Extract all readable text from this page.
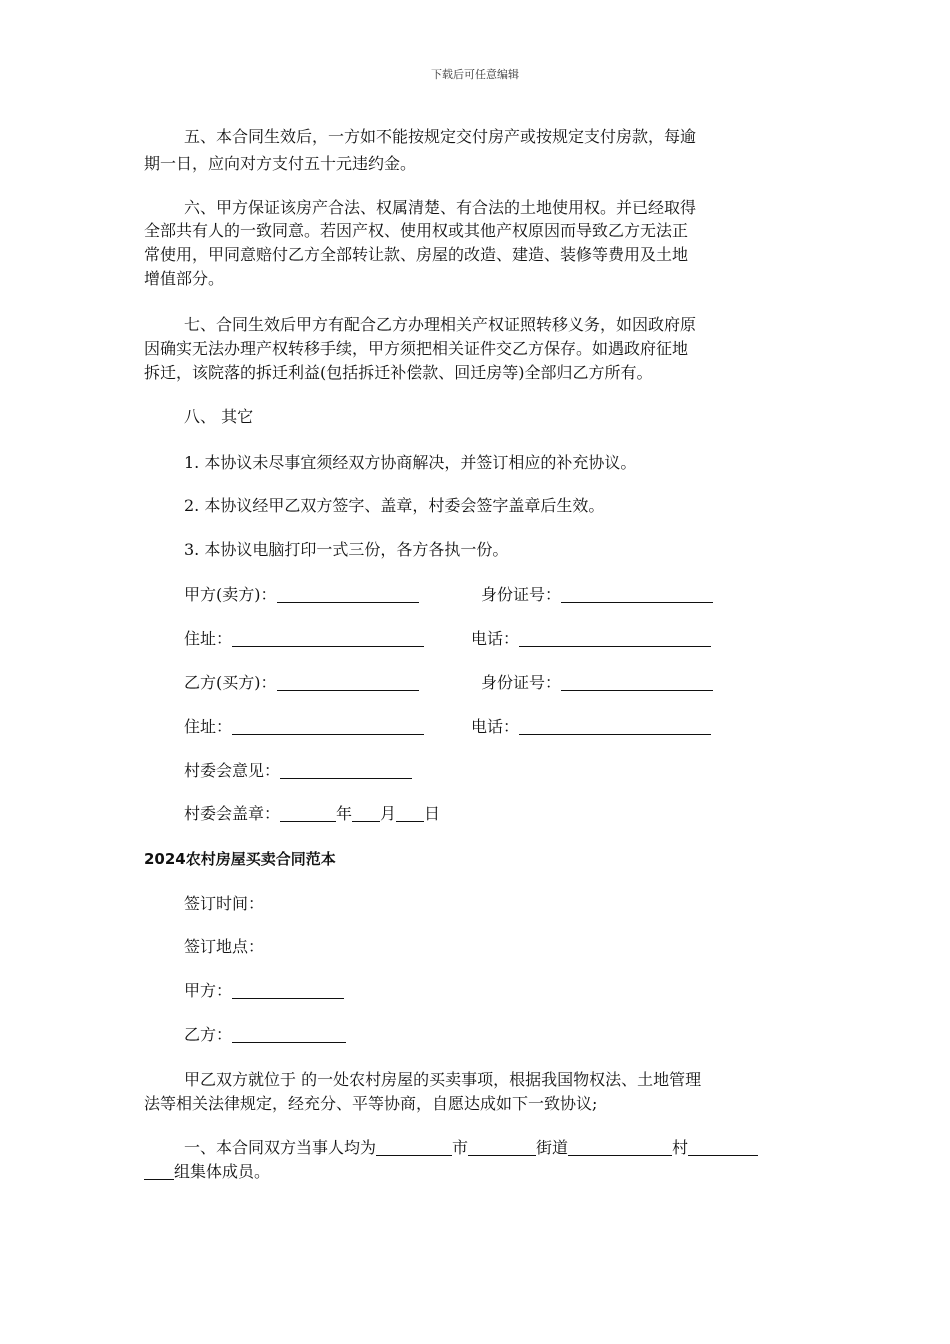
下载后可任意编辑
五、本合同生效后，一方如不能按规定交付房产或按规定支付房款，每逾
期一日，应向对方支付五十元违约金。
六、甲方保证该房产合法、权属清楚、有合法的土地使用权。并已经取得
全部共有人的一致同意。若因产权、使用权或其他产权原因而导致乙方无法正
常使用，甲同意赔付乙方全部转让款、房屋的改造、建造、装修等费用及土地
增值部分。
七、合同生效后甲方有配合乙方办理相关产权证照转移义务，如因政府原
因确实无法办理产权转移手续，甲方须把相关证件交乙方保存。如遇政府征地
拆迁，该院落的拆迁利益(包括拆迁补偿款、回迁房等)全部归乙方所有。
八、 其它
1. 本协议未尽事宜须经双方协商解决，并签订相应的补充协议。
2. 本协议经甲乙双方签字、盖章，村委会签字盖章后生效。
3. 本协议电脑打印一式三份，各方各执一份。
甲方(卖方)：	身份证号：
住址：	电话：
乙方(买方)：	身份证号：
住址：	电话：
村委会意见：
村委会盖章：	年 月 日
2024农村房屋买卖合同范本
签订时间：
签订地点：
甲方：
乙方：
甲乙双方就位于 的一处农村房屋的买卖事项，根据我国物权法、土地管理
法等相关法律规定，经充分、平等协商，自愿达成如下一致协议;
一、本合同双方当事人均为	市	街道	村
组集体成员。
